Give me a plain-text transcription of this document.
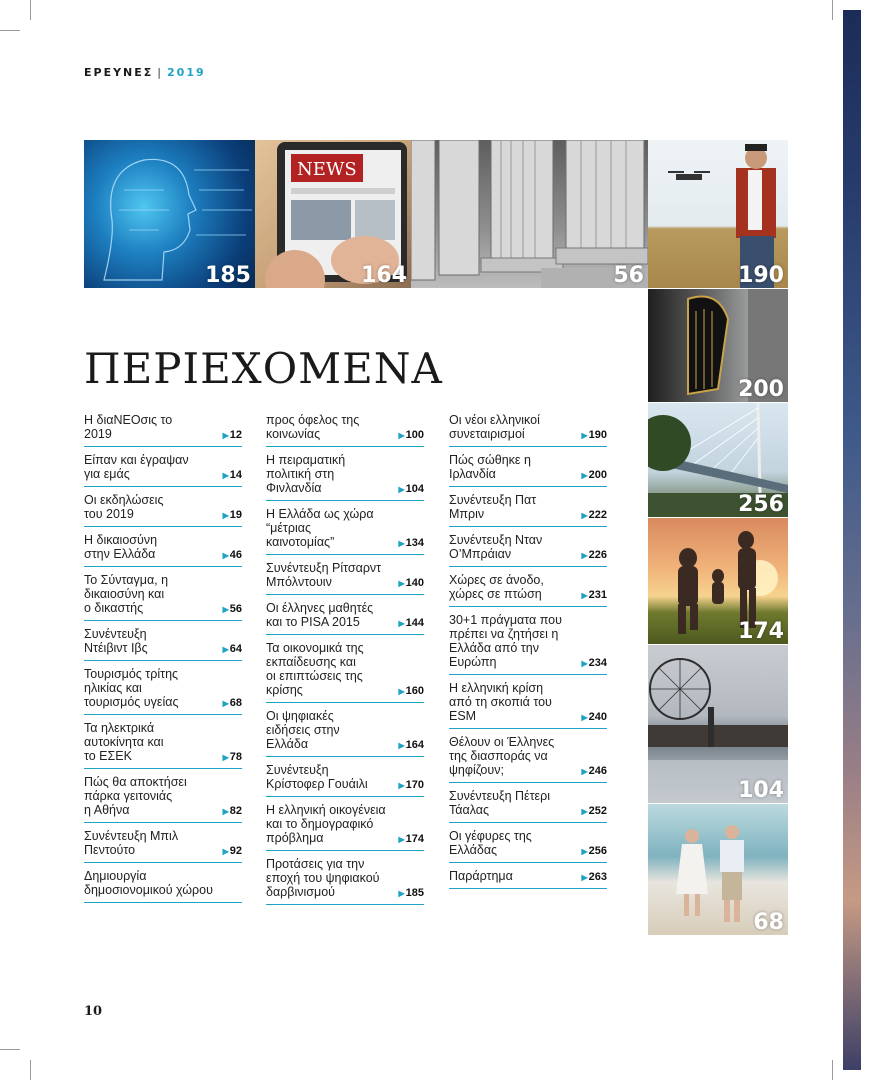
ΕΡΕΥΝΕΣ | 2019
185
NEWS
164	56	190
200
256
174
104
68
ΠΕΡΙΕΧΟΜΕΝΑ
Η διαΝΕΟσις το
2019	▶12
Είπαν και έγραψαν
για εμάς	▶14
Οι εκδηλώσεις
του 2019	▶19
Η δικαιοσύνη
στην Ελλάδα	▶46
Το Σύνταγμα, η
δικαιοσύνη και
ο δικαστής	▶56
Συνέντευξη
Ντέιβιντ Ιβς	▶64
Τουρισμός τρίτης
ηλικίας και
τουρισμός υγείας	▶68
Τα ηλεκτρικά
αυτοκίνητα και
το ΕΣΕΚ	▶78
Πώς θα αποκτήσει
πάρκα γειτονιάς
η Αθήνα	▶82
Συνέντευξη Μπιλ
Πεντούτο	▶92
Δημιουργία
δημοσιονομικού χώρου
προς όφελος της
κοινωνίας	▶100
Η πειραματική
πολιτική στη
Φινλανδία	▶104
Η Ελλάδα ως χώρα
“μέτριας
καινοτομίας”	▶134
Συνέντευξη Ρίτσαρντ
Μπόλντουιν	▶140
Οι έλληνες μαθητές
και το PISA 2015	▶144
Τα οικονομικά της
εκπαίδευσης και
οι επιπτώσεις της
κρίσης	▶160
Οι ψηφιακές
ειδήσεις στην
Ελλάδα	▶164
Συνέντευξη
Κρίστοφερ Γουάιλι	▶170
Η ελληνική οικογένεια
και το δημογραφικό
πρόβλημα	▶174
Προτάσεις για την
εποχή του ψηφιακού
δαρβινισμού	▶185
Οι νέοι ελληνικοί
συνεταιρισμοί	▶190
Πώς σώθηκε η
Ιρλανδία	▶200
Συνέντευξη Πατ
Μπριν	▶222
Συνέντευξη Νταν
Ο’Μπράιαν	▶226
Χώρες σε άνοδο,
χώρες σε πτώση	▶231
30+1 πράγματα που
πρέπει να ζητήσει η
Ελλάδα από την
Ευρώπη	▶234
Η ελληνική κρίση
από τη σκοπιά του
ESM	▶240
Θέλουν οι Έλληνες
της διασποράς να
ψηφίζουν;	▶246
Συνέντευξη Πέτερι
Τάαλας	▶252
Οι γέφυρες της
Ελλάδας	▶256
Παράρτημα	▶263
10
